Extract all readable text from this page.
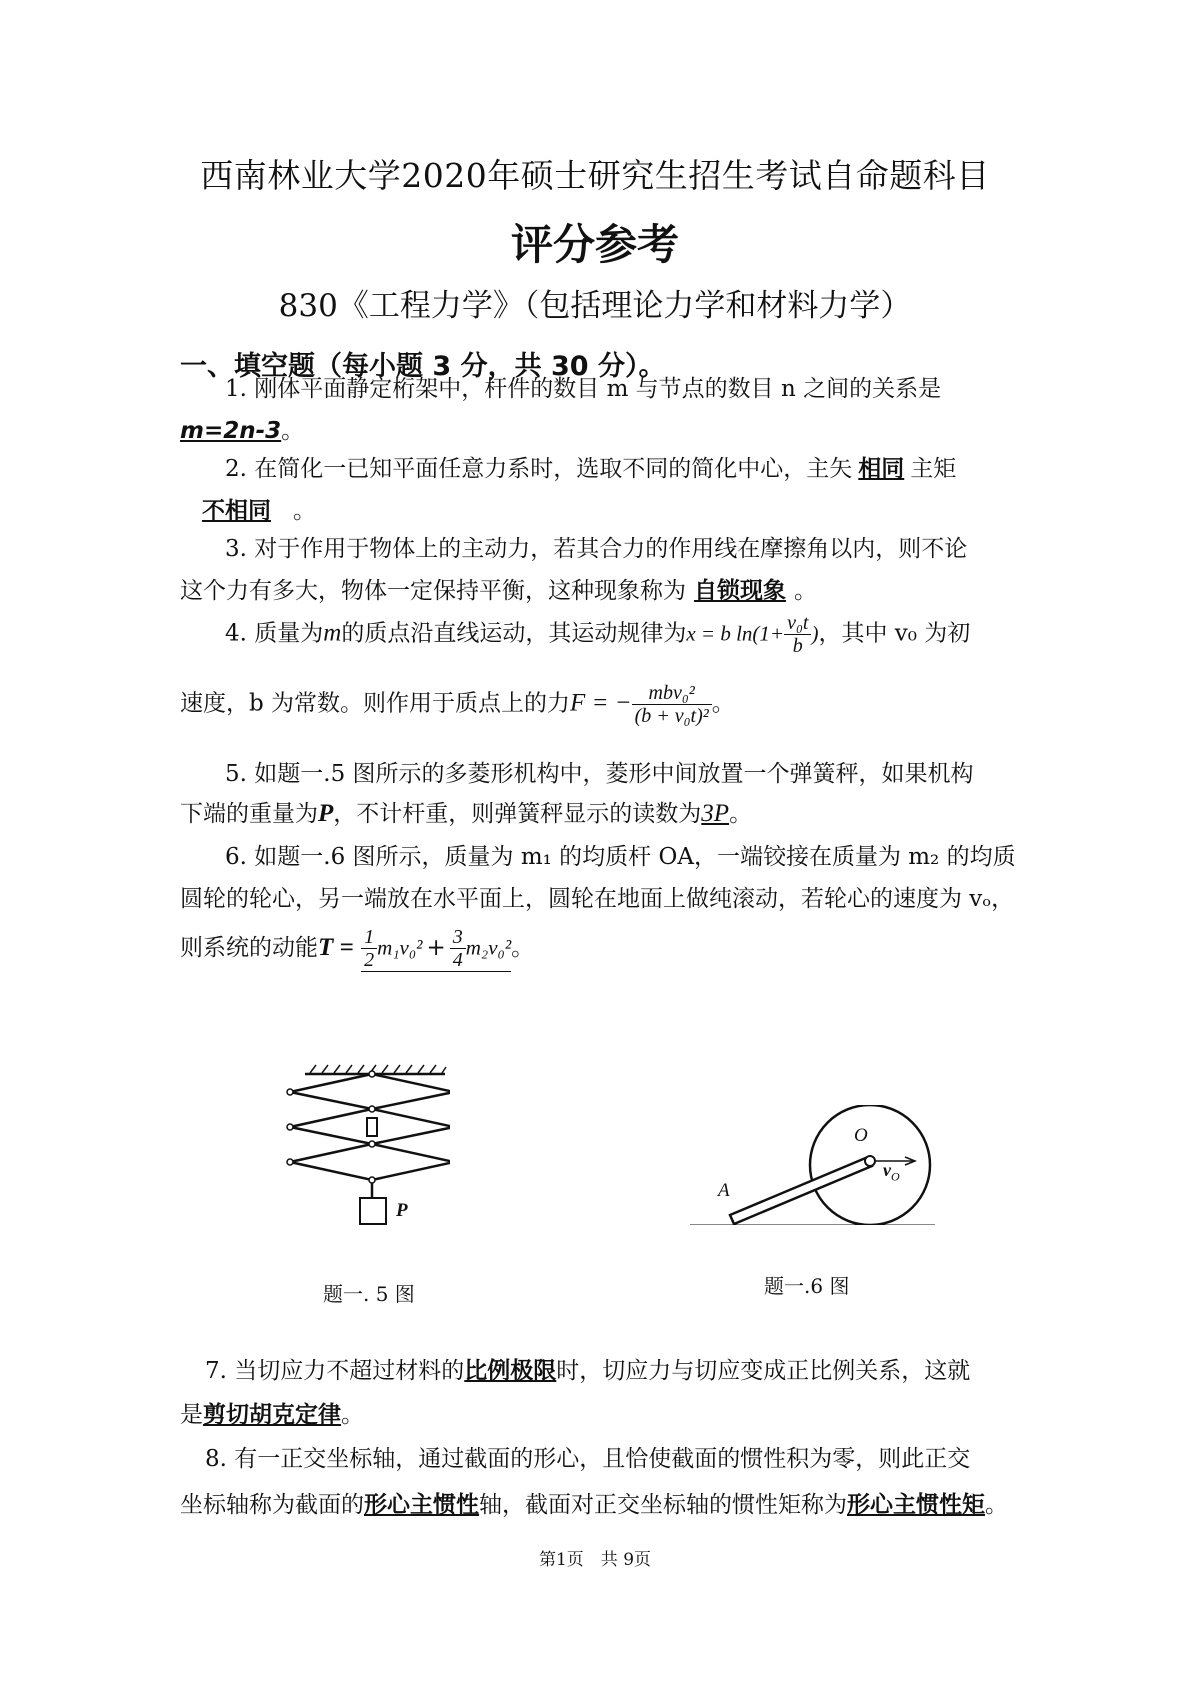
西南林业大学2020年硕士研究生招生考试自命题科目
评分参考
830《工程力学》（包括理论力学和材料力学）
一、填空题（每小题 3 分，共 30 分）。
1. 刚体平面静定桁架中，杆件的数目 m 与节点的数目 n 之间的关系是
m=2n-3。
2. 在简化一已知平面任意力系时，选取不同的简化中心，主矢 相同 主矩
不相同 。
3. 对于作用于物体上的主动力，若其合力的作用线在摩擦角以内，则不论
这个力有多大，物体一定保持平衡，这种现象称为 自锁现象 。
4. 质量为m的质点沿直线运动，其运动规律为x = b $\ln(1+ \frac{\text{v₀t}}{b}$ )，其中 v₀ 为初
速度，b 为常数。则作用于质点上的力F = − $\frac{\text{mbv₀²}}{\text{(b + v₀t)²}}$ 。
5. 如题一.5 图所示的多菱形机构中，菱形中间放置一个弹簧秤，如果机构
下端的重量为P，不计杆重，则弹簧秤显示的读数为3P。
6. 如题一.6 图所示，质量为 m₁ 的均质杆 OA，一端铰接在质量为 m₂ 的均质
圆轮的轮心，另一端放在水平面上，圆轮在地面上做纯滚动，若轮心的速度为 vₒ，
则系统的动能$T = \frac{1}{2} m_1v_0^2 + \frac{3}{4} m_2v_0^2$。
P
题一. 5 图
O
A
$v_O$
题一.6 图
7. 当切应力不超过材料的比例极限时，切应力与切应变成正比例关系，这就
是剪切胡克定律。
8. 有一正交坐标轴，通过截面的形心，且恰使截面的惯性积为零，则此正交
坐标轴称为截面的形心主惯性轴，截面对正交坐标轴的惯性矩称为形心主惯性矩。
第1页　共 9页
